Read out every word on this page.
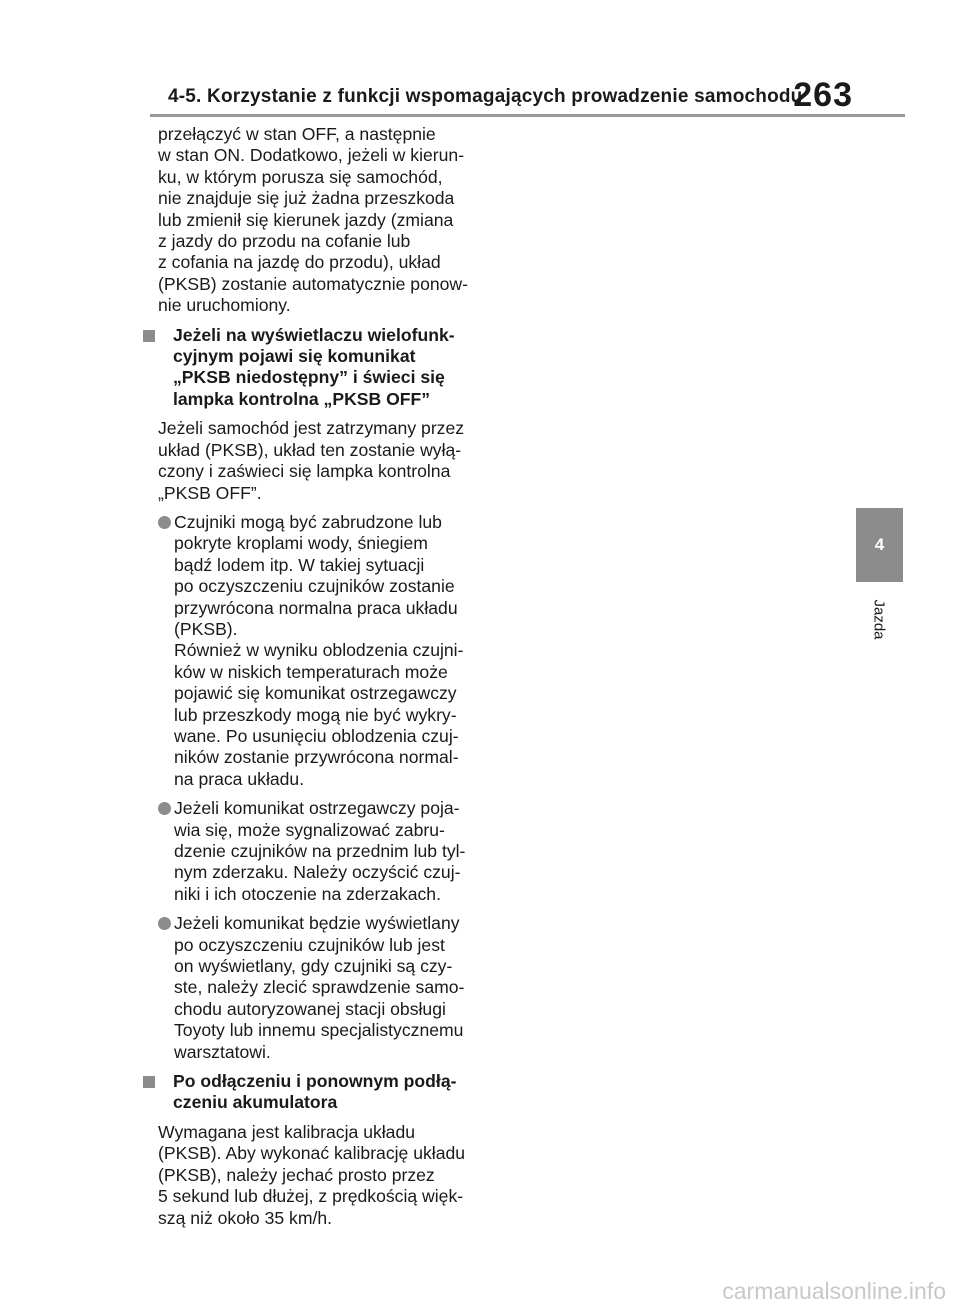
4-5. Korzystanie z funkcji wspomagających prowadzenie samochodu
263
4
Jazda
przełączyć w stan OFF, a następnie
w stan ON. Dodatkowo, jeżeli w kierun-
ku, w którym porusza się samochód,
nie znajduje się już żadna przeszkoda
lub zmienił się kierunek jazdy (zmiana
z jazdy do przodu na cofanie lub
z cofania na jazdę do przodu), układ
(PKSB) zostanie automatycznie ponow-
nie uruchomiony.
Jeżeli na wyświetlaczu wielofunk-
cyjnym pojawi się komunikat
„PKSB niedostępny” i świeci się
lampka kontrolna „PKSB OFF”
Jeżeli samochód jest zatrzymany przez
układ (PKSB), układ ten zostanie wyłą-
czony i zaświeci się lampka kontrolna
„PKSB OFF”.
Czujniki mogą być zabrudzone lub
pokryte kroplami wody, śniegiem
bądź lodem itp. W takiej sytuacji
po oczyszczeniu czujników zostanie
przywrócona normalna praca układu
(PKSB).
Również w wyniku oblodzenia czujni-
ków w niskich temperaturach może
pojawić się komunikat ostrzegawczy
lub przeszkody mogą nie być wykry-
wane. Po usunięciu oblodzenia czuj-
ników zostanie przywrócona normal-
na praca układu.
Jeżeli komunikat ostrzegawczy poja-
wia się, może sygnalizować zabru-
dzenie czujników na przednim lub tyl-
nym zderzaku. Należy oczyścić czuj-
niki i ich otoczenie na zderzakach.
Jeżeli komunikat będzie wyświetlany
po oczyszczeniu czujników lub jest
on wyświetlany, gdy czujniki są czy-
ste, należy zlecić sprawdzenie samo-
chodu autoryzowanej stacji obsługi
Toyoty lub innemu specjalistycznemu
warsztatowi.
Po odłączeniu i ponownym podłą-
czeniu akumulatora
Wymagana jest kalibracja układu
(PKSB). Aby wykonać kalibrację układu
(PKSB), należy jechać prosto przez
5 sekund lub dłużej, z prędkością więk-
szą niż około 35 km/h.
carmanualsonline.info
